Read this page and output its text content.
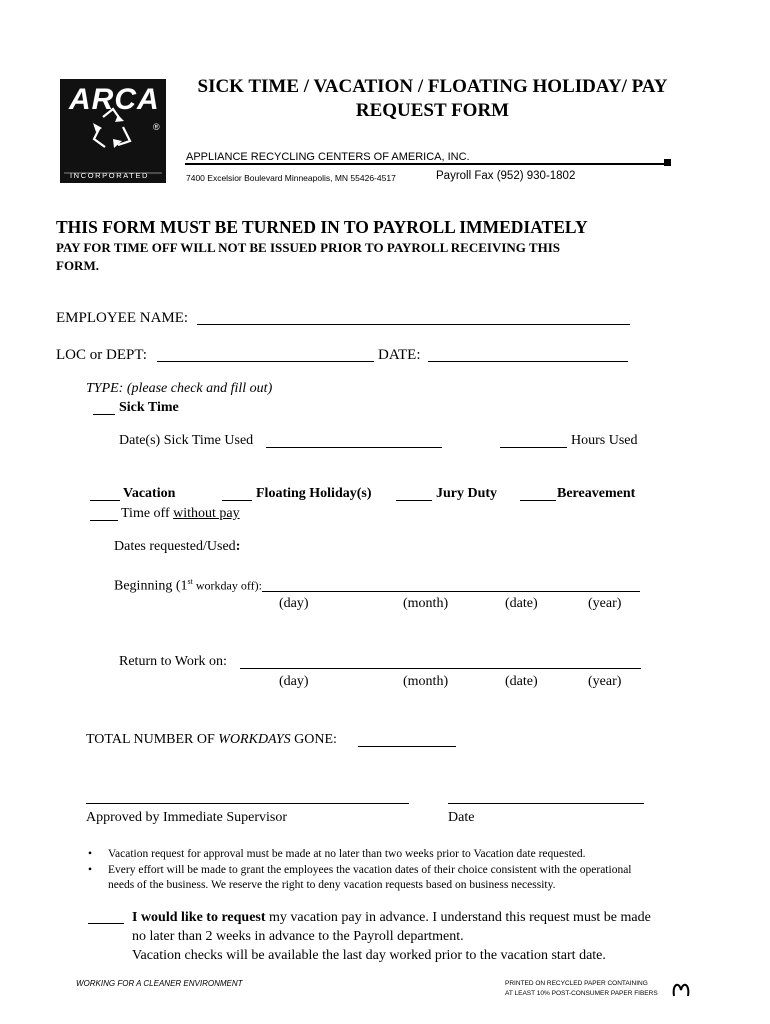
ARCA
®
INCORPORATED
SICK TIME / VACATION / FLOATING HOLIDAY/ PAY
REQUEST FORM
APPLIANCE RECYCLING CENTERS OF AMERICA, INC.
7400 Excelsior Boulevard Minneapolis, MN 55426-4517	Payroll Fax (952) 930-1802
THIS FORM MUST BE TURNED IN TO PAYROLL IMMEDIATELY
PAY FOR TIME OFF WILL NOT BE ISSUED PRIOR TO PAYROLL RECEIVING THIS
FORM.
EMPLOYEE NAME:
LOC or DEPT:	DATE:
TYPE: (please check and fill out)
Sick Time
Date(s) Sick Time Used	Hours Used
Vacation	Floating Holiday(s)	Jury Duty	Bereavement
Time off without pay
Dates requested/Used:
Beginning (1st workday off):
(day)	(month)	(date)	(year)
Return to Work on:
(day)	(month)	(date)	(year)
TOTAL NUMBER OF WORKDAYS GONE:
Approved by Immediate Supervisor	Date
• Vacation request for approval must be made at no later than two weeks prior to Vacation date requested.
• Every effort will be made to grant the employees the vacation dates of their choice consistent with the operational
needs of the business. We reserve the right to deny vacation requests based on business necessity.
I would like to request my vacation pay in advance. I understand this request must be made
no later than 2 weeks in advance to the Payroll department.
Vacation checks will be available the last day worked prior to the vacation start date.
WORKING FOR A CLEANER ENVIRONMENT	PRINTED ON RECYCLED PAPER CONTAINING
AT LEAST 10% POST-CONSUMER PAPER FIBERS
